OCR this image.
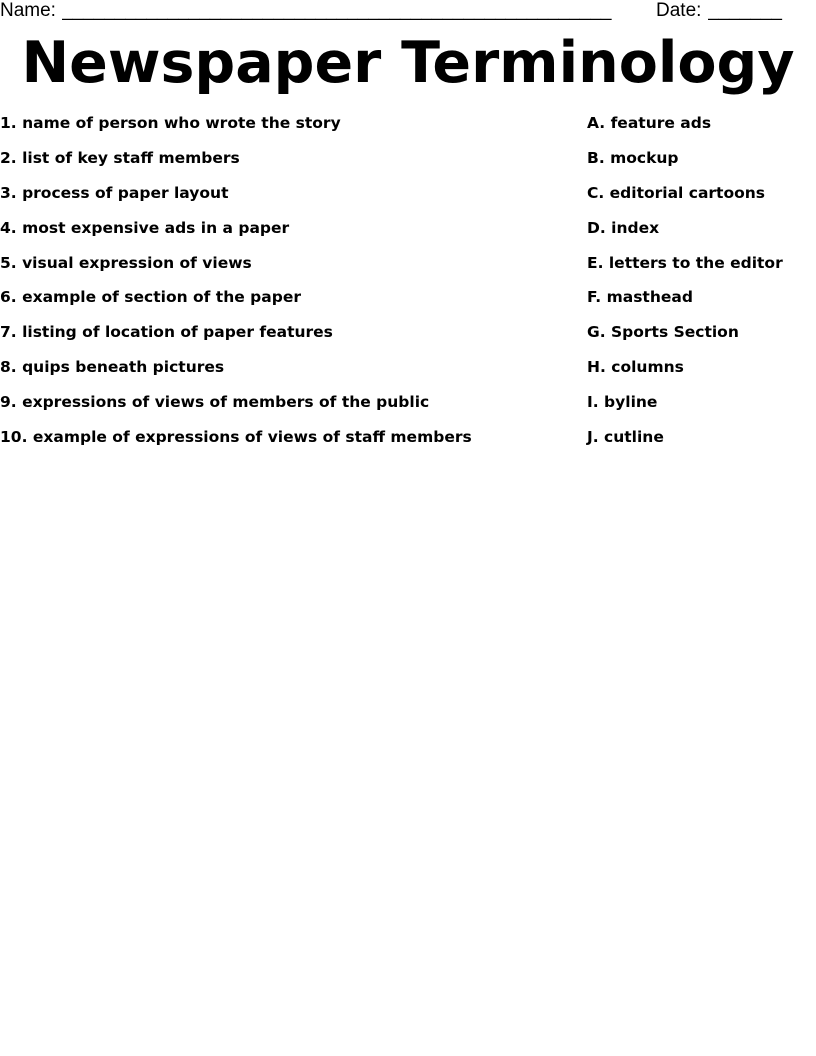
Name: ____________________________________________________	Date: _______
Newspaper Terminology
1. name of person who wrote the story	A. feature ads
2. list of key staff members	B. mockup
3. process of paper layout	C. editorial cartoons
4. most expensive ads in a paper	D. index
5. visual expression of views	E. letters to the editor
6. example of section of the paper	F. masthead
7. listing of location of paper features	G. Sports Section
8. quips beneath pictures	H. columns
9. expressions of views of members of the public	I. byline
10. example of expressions of views of staff members	J. cutline
